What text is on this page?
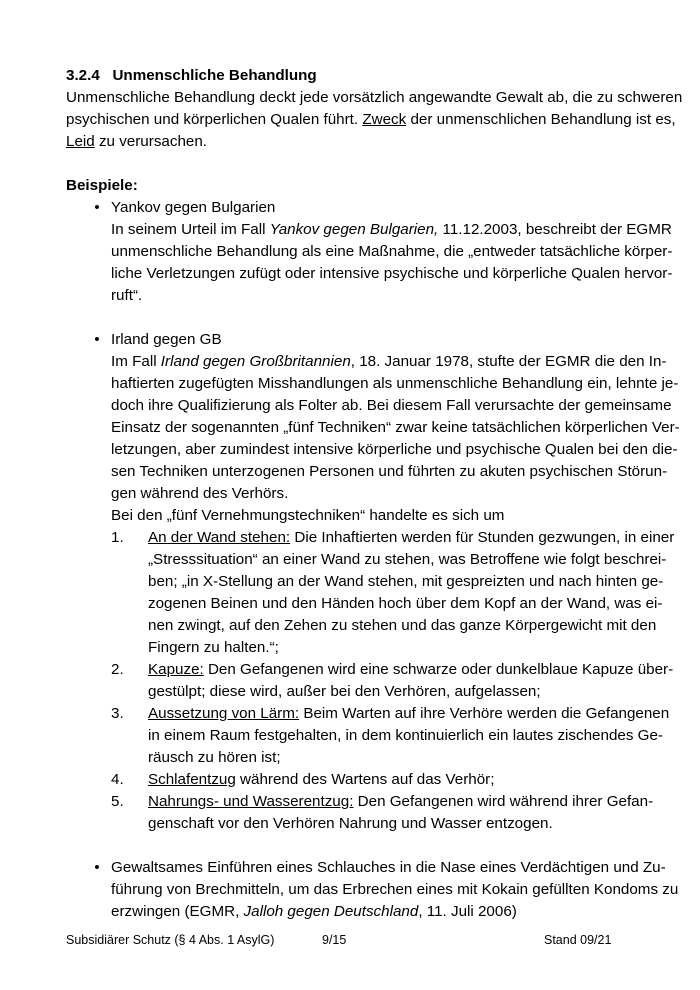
3.2.4 Unmenschliche Behandlung
Unmenschliche Behandlung deckt jede vorsätzlich angewandte Gewalt ab, die zu schweren
psychischen und körperlichen Qualen führt. Zweck der unmenschlichen Behandlung ist es,
Leid zu verursachen.
Beispiele:
• Yankov gegen Bulgarien
In seinem Urteil im Fall Yankov gegen Bulgarien, 11.12.2003, beschreibt der EGMR
unmenschliche Behandlung als eine Maßnahme, die „entweder tatsächliche körper-
liche Verletzungen zufügt oder intensive psychische und körperliche Qualen hervor-
ruft“.
• Irland gegen GB
Im Fall Irland gegen Großbritannien, 18. Januar 1978, stufte der EGMR die den In-
haftierten zugefügten Misshandlungen als unmenschliche Behandlung ein, lehnte je-
doch ihre Qualifizierung als Folter ab. Bei diesem Fall verursachte der gemeinsame
Einsatz der sogenannten „fünf Techniken“ zwar keine tatsächlichen körperlichen Ver-
letzungen, aber zumindest intensive körperliche und psychische Qualen bei den die-
sen Techniken unterzogenen Personen und führten zu akuten psychischen Störun-
gen während des Verhörs.
Bei den „fünf Vernehmungstechniken“ handelte es sich um
1. An der Wand stehen: Die Inhaftierten werden für Stunden gezwungen, in einer
„Stresssituation“ an einer Wand zu stehen, was Betroffene wie folgt beschrei-
ben; „in X-Stellung an der Wand stehen, mit gespreizten und nach hinten ge-
zogenen Beinen und den Händen hoch über dem Kopf an der Wand, was ei-
nen zwingt, auf den Zehen zu stehen und das ganze Körpergewicht mit den
Fingern zu halten.“;
2. Kapuze: Den Gefangenen wird eine schwarze oder dunkelblaue Kapuze über-
gestülpt; diese wird, außer bei den Verhören, aufgelassen;
3. Aussetzung von Lärm: Beim Warten auf ihre Verhöre werden die Gefangenen
in einem Raum festgehalten, in dem kontinuierlich ein lautes zischendes Ge-
räusch zu hören ist;
4. Schlafentzug während des Wartens auf das Verhör;
5. Nahrungs- und Wasserentzug: Den Gefangenen wird während ihrer Gefan-
genschaft vor den Verhören Nahrung und Wasser entzogen.
• Gewaltsames Einführen eines Schlauches in die Nase eines Verdächtigen und Zu-
führung von Brechmitteln, um das Erbrechen eines mit Kokain gefüllten Kondoms zu
erzwingen (EGMR, Jalloh gegen Deutschland, 11. Juli 2006)
Subsidiärer Schutz (§ 4 Abs. 1 AsylG)	9/15	Stand 09/21
